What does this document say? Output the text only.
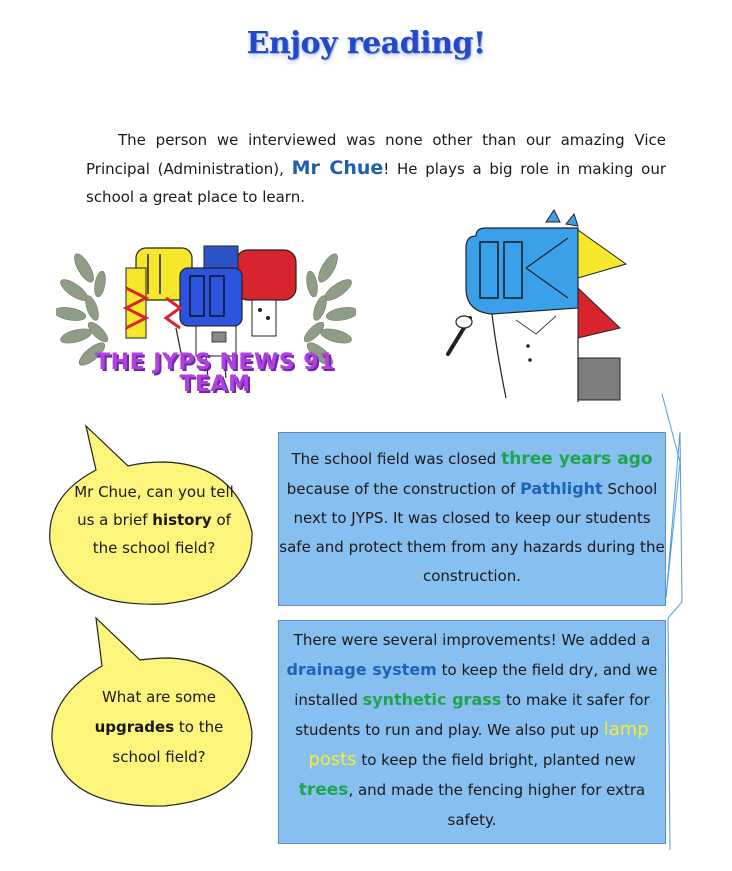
Enjoy reading!
The person we interviewed was none other than our amazing Vice Principal (Administration), Mr Chue! He plays a big role in making our school a great place to learn.
THE JYPS NEWS 91
TEAM
Mr Chue, can you tell us a brief history of the school field?
What are some upgrades to the school field?
The school field was closed three years ago because of the construction of Pathlight School next to JYPS. It was closed to keep our students safe and protect them from any hazards during the construction.
There were several improvements! We added a drainage system to keep the field dry, and we installed synthetic grass to make it safer for students to run and play. We also put up lamp posts to keep the field bright, planted new trees, and made the fencing higher for extra safety.
